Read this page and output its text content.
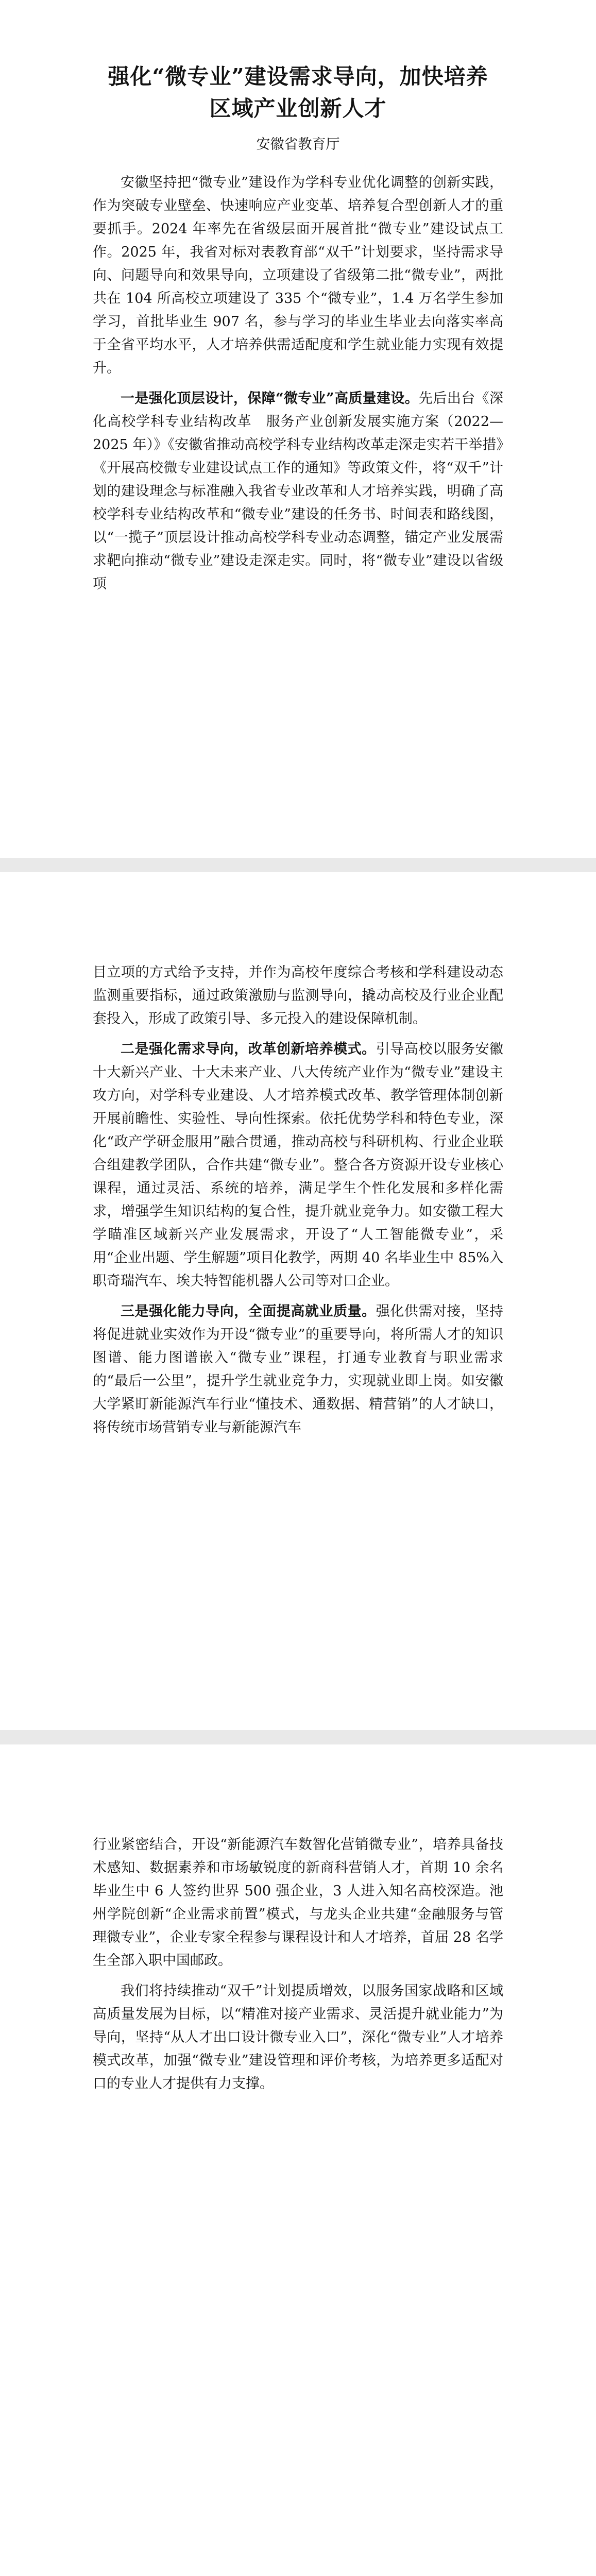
强化“微专业”建设需求导向，加快培养
区域产业创新人才
安徽省教育厅

安徽坚持把“微专业”建设作为学科专业优化调整的创新实践，作为突破专业壁垒、快速响应产业变革、培养复合型创新人才的重要抓手。2024 年率先在省级层面开展首批“微专业”建设试点工作。2025 年，我省对标对表教育部“双千”计划要求，坚持需求导向、问题导向和效果导向，立项建设了省级第二批“微专业”，两批共在 104 所高校立项建设了 335 个“微专业”，1.4 万名学生参加学习，首批毕业生 907 名，参与学习的毕业生毕业去向落实率高于全省平均水平，人才培养供需适配度和学生就业能力实现有效提升。

一是强化顶层设计，保障“微专业”高质量建设。先后出台《深化高校学科专业结构改革　服务产业创新发展实施方案（2022—2025 年）》《安徽省推动高校学科专业结构改革走深走实若干举措》《开展高校微专业建设试点工作的通知》等政策文件，将“双千”计划的建设理念与标准融入我省专业改革和人才培养实践，明确了高校学科专业结构改革和“微专业”建设的任务书、时间表和路线图，以“一揽子”顶层设计推动高校学科专业动态调整，锚定产业发展需求靶向推动“微专业”建设走深走实。同时，将“微专业”建设以省级项

目立项的方式给予支持，并作为高校年度综合考核和学科建设动态监测重要指标，通过政策激励与监测导向，撬动高校及行业企业配套投入，形成了政策引导、多元投入的建设保障机制。

二是强化需求导向，改革创新培养模式。引导高校以服务安徽十大新兴产业、十大未来产业、八大传统产业作为“微专业”建设主攻方向，对学科专业建设、人才培养模式改革、教学管理体制创新开展前瞻性、实验性、导向性探索。依托优势学科和特色专业，深化“政产学研金服用”融合贯通，推动高校与科研机构、行业企业联合组建教学团队，合作共建“微专业”。整合各方资源开设专业核心课程，通过灵活、系统的培养，满足学生个性化发展和多样化需求，增强学生知识结构的复合性，提升就业竞争力。如安徽工程大学瞄准区域新兴产业发展需求，开设了“人工智能微专业”，采用“企业出题、学生解题”项目化教学，两期 40 名毕业生中 85%入职奇瑞汽车、埃夫特智能机器人公司等对口企业。

三是强化能力导向，全面提高就业质量。强化供需对接，坚持将促进就业实效作为开设“微专业”的重要导向，将所需人才的知识图谱、能力图谱嵌入“微专业”课程，打通专业教育与职业需求的“最后一公里”，提升学生就业竞争力，实现就业即上岗。如安徽大学紧盯新能源汽车行业“懂技术、通数据、精营销”的人才缺口，将传统市场营销专业与新能源汽车

行业紧密结合，开设“新能源汽车数智化营销微专业”，培养具备技术感知、数据素养和市场敏锐度的新商科营销人才，首期 10 余名毕业生中 6 人签约世界 500 强企业，3 人进入知名高校深造。池州学院创新“企业需求前置”模式，与龙头企业共建“金融服务与管理微专业”，企业专家全程参与课程设计和人才培养，首届 28 名学生全部入职中国邮政。

我们将持续推动“双千”计划提质增效，以服务国家战略和区域高质量发展为目标，以“精准对接产业需求、灵活提升就业能力”为导向，坚持“从人才出口设计微专业入口”，深化“微专业”人才培养模式改革，加强“微专业”建设管理和评价考核，为培养更多适配对口的专业人才提供有力支撑。
